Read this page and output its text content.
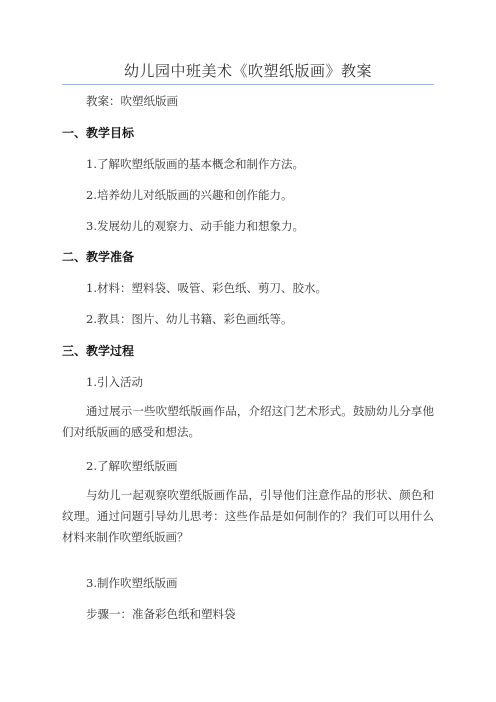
幼儿园中班美术《吹塑纸版画》教案
教案：吹塑纸版画
一、教学目标
1.了解吹塑纸版画的基本概念和制作方法。
2.培养幼儿对纸版画的兴趣和创作能力。
3.发展幼儿的观察力、动手能力和想象力。
二、教学准备
1.材料：塑料袋、吸管、彩色纸、剪刀、胶水。
2.教具：图片、幼儿书籍、彩色画纸等。
三、教学过程
1.引入活动
通过展示一些吹塑纸版画作品，介绍这门艺术形式。鼓励幼儿分享他们对纸版画的感受和想法。
2.了解吹塑纸版画
与幼儿一起观察吹塑纸版画作品，引导他们注意作品的形状、颜色和纹理。通过问题引导幼儿思考：这些作品是如何制作的？我们可以用什么材料来制作吹塑纸版画？
3.制作吹塑纸版画
步骤一：准备彩色纸和塑料袋
